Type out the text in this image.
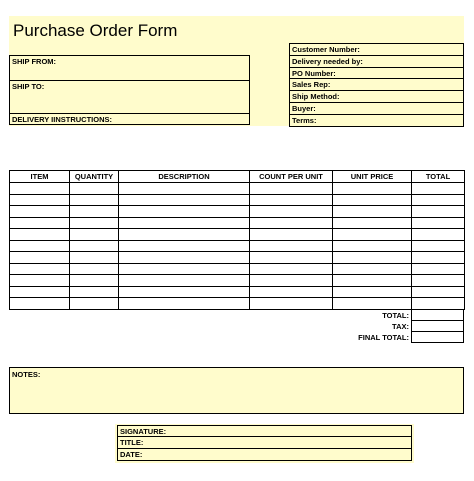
Purchase Order Form
SHIP FROM:
SHIP TO:
DELIVERY IINSTRUCTIONS:
Customer Number:
Delivery needed by:
PO Number:
Sales Rep:
Ship Method:
Buyer:
Terms:
ITEM	QUANTITY	DESCRIPTION	COUNT PER UNIT	UNIT PRICE	TOTAL
TOTAL:
TAX:
FINAL TOTAL:
NOTES:
SIGNATURE:
TITLE:
DATE:
